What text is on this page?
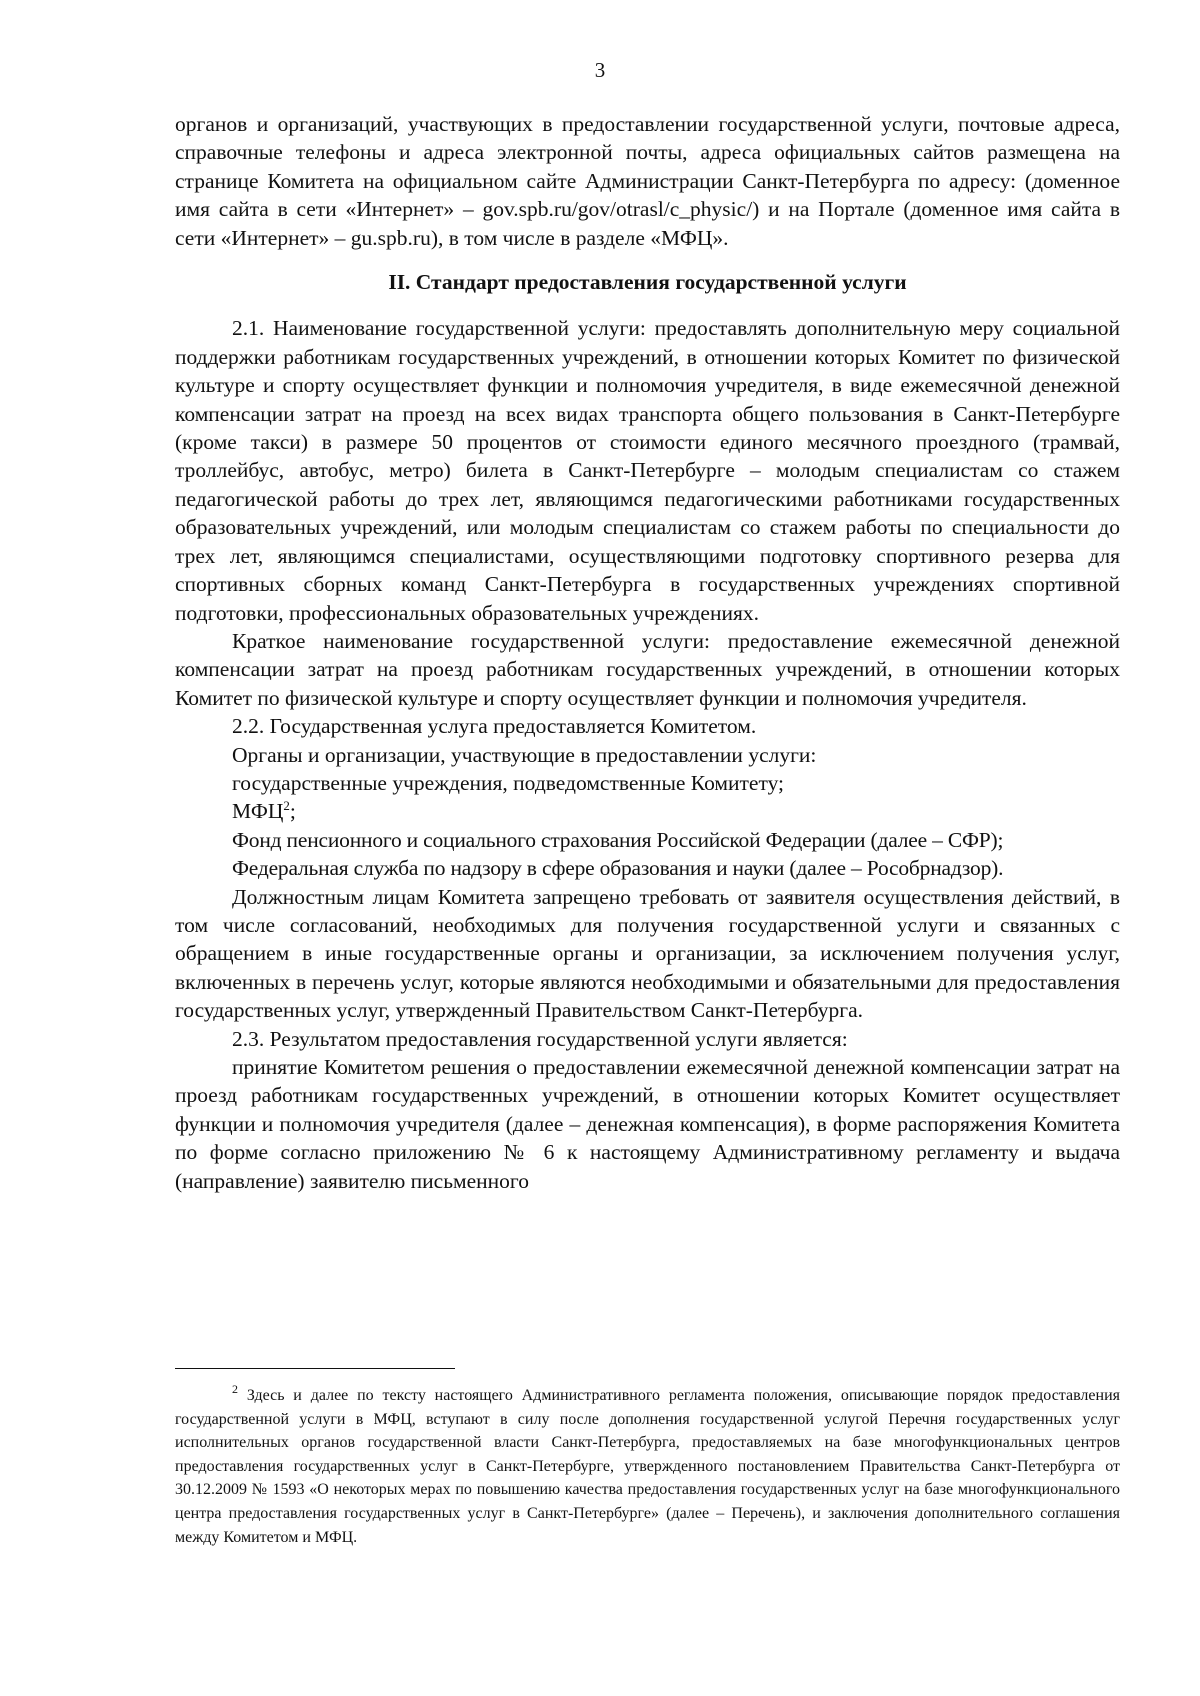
3

органов и организаций, участвующих в предоставлении государственной услуги, почтовые адреса, справочные телефоны и адреса электронной почты, адреса официальных сайтов размещена на странице Комитета на официальном сайте Администрации Санкт-Петербурга по адресу: (доменное имя сайта в сети «Интернет» – gov.spb.ru/gov/otrasl/c_physic/) и на Портале (доменное имя сайта в сети «Интернет» – gu.spb.ru), в том числе в разделе «МФЦ».

II. Стандарт предоставления государственной услуги

2.1. Наименование государственной услуги: предоставлять дополнительную меру социальной поддержки работникам государственных учреждений, в отношении которых Комитет по физической культуре и спорту осуществляет функции и полномочия учредителя, в виде ежемесячной денежной компенсации затрат на проезд на всех видах транспорта общего пользования в Санкт-Петербурге (кроме такси) в размере 50 процентов от стоимости единого месячного проездного (трамвай, троллейбус, автобус, метро) билета в Санкт-Петербурге – молодым специалистам со стажем педагогической работы до трех лет, являющимся педагогическими работниками государственных образовательных учреждений, или молодым специалистам со стажем работы по специальности до трех лет, являющимся специалистами, осуществляющими подготовку спортивного резерва для спортивных сборных команд Санкт-Петербурга в государственных учреждениях спортивной подготовки, профессиональных образовательных учреждениях.

Краткое наименование государственной услуги: предоставление ежемесячной денежной компенсации затрат на проезд работникам государственных учреждений, в отношении которых Комитет по физической культуре и спорту осуществляет функции и полномочия учредителя.

2.2. Государственная услуга предоставляется Комитетом.

Органы и организации, участвующие в предоставлении услуги:

государственные учреждения, подведомственные Комитету;

МФЦ$^2$;

Фонд пенсионного и социального страхования Российской Федерации (далее – СФР);

Федеральная служба по надзору в сфере образования и науки (далее – Рособрнадзор).

Должностным лицам Комитета запрещено требовать от заявителя осуществления действий, в том числе согласований, необходимых для получения государственной услуги и связанных с обращением в иные государственные органы и организации, за исключением получения услуг, включенных в перечень услуг, которые являются необходимыми и обязательными для предоставления государственных услуг, утвержденный Правительством Санкт-Петербурга.

2.3. Результатом предоставления государственной услуги является:

принятие Комитетом решения о предоставлении ежемесячной денежной компенсации затрат на проезд работникам государственных учреждений, в отношении которых Комитет осуществляет функции и полномочия учредителя (далее – денежная компенсация), в форме распоряжения Комитета по форме согласно приложению № 6 к настоящему Административному регламенту и выдача (направление) заявителю письменного

$^2$ Здесь и далее по тексту настоящего Административного регламента положения, описывающие порядок предоставления государственной услуги в МФЦ, вступают в силу после дополнения государственной услугой Перечня государственных услуг исполнительных органов государственной власти Санкт-Петербурга, предоставляемых на базе многофункциональных центров предоставления государственных услуг в Санкт-Петербурге, утвержденного постановлением Правительства Санкт-Петербурга от 30.12.2009 № 1593 «О некоторых мерах по повышению качества предоставления государственных услуг на базе многофункционального центра предоставления государственных услуг в Санкт-Петербурге» (далее – Перечень), и заключения дополнительного соглашения между Комитетом и МФЦ.
